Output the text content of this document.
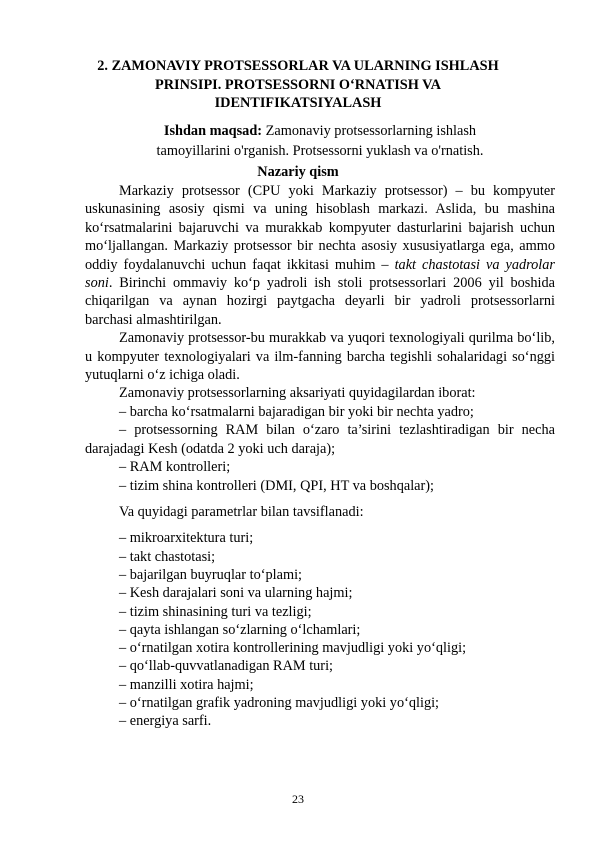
2. ZAMONAVIY PROTSESSORLAR VA ULARNING ISHLASH
PRINSIPI. PROTSESSORNI O‘RNATISH VA
IDENTIFIKATSIYALASH
Ishdan maqsad: Zamonaviy protsessorlarning ishlash
tamoyillarini o'rganish. Protsessorni yuklash va o'rnatish.
Nazariy qism

Markaziy protsessor (CPU yoki Markaziy protsessor) – bu kompyuter uskunasining asosiy qismi va uning hisoblash markazi. Aslida, bu mashina ko‘rsatmalarini bajaruvchi va murakkab kompyuter dasturlarini bajarish uchun mo‘ljallangan. Markaziy protsessor bir nechta asosiy xususiyatlarga ega, ammo oddiy foydalanuvchi uchun faqat ikkitasi muhim – takt chastotasi va yadrolar soni. Birinchi ommaviy ko‘p yadroli ish stoli protsessorlari 2006 yil boshida chiqarilgan va aynan hozirgi paytgacha deyarli bir yadroli protsessorlarni barchasi almashtirilgan.

Zamonaviy protsessor-bu murakkab va yuqori texnologiyali qurilma bo‘lib, u kompyuter texnologiyalari va ilm-fanning barcha tegishli sohalaridagi so‘nggi yutuqlarni o‘z ichiga oladi.

Zamonaviy protsessorlarning aksariyati quyidagilardan iborat:

– barcha ko‘rsatmalarni bajaradigan bir yoki bir nechta yadro;

– protsessorning RAM bilan o‘zaro ta’sirini tezlashtiradigan bir necha darajadagi Kesh (odatda 2 yoki uch daraja);

– RAM kontrolleri;

– tizim shina kontrolleri (DMI, QPI, HT va boshqalar);

Va quyidagi parametrlar bilan tavsiflanadi:

– mikroarxitektura turi;
– takt chastotasi;
– bajarilgan buyruqlar to‘plami;
– Kesh darajalari soni va ularning hajmi;
– tizim shinasining turi va tezligi;
– qayta ishlangan so‘zlarning o‘lchamlari;
– o‘rnatilgan xotira kontrollerining mavjudligi yoki yo‘qligi;
– qo‘llab-quvvatlanadigan RAM turi;
– manzilli xotira hajmi;
– o‘rnatilgan grafik yadroning mavjudligi yoki yo‘qligi;
– energiya sarfi.
23
